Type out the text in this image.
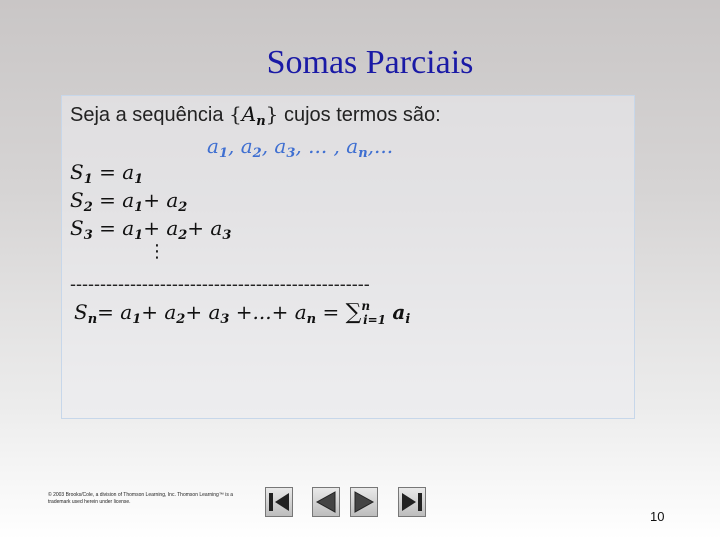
Somas Parciais
Seja a sequência $\{A_n\}$ cujos termos são:
$a_1$, $a_2$, $a_3$, ... , $a_n$,...
$S_1 = a_1$
$S_2 = a_1+ a_2$
$S_3 = a_1+ a_2+ a_3$
⋮
--------------------------------------------------
$S_n= a_1+ a_2+ a_3$ +...+ $a_n = \sum ni=1$ $a_i$
© 2003 Brooks/Cole, a division of Thomson Learning, Inc. Thomson Learning™ is a trademark used herein under license.
10
